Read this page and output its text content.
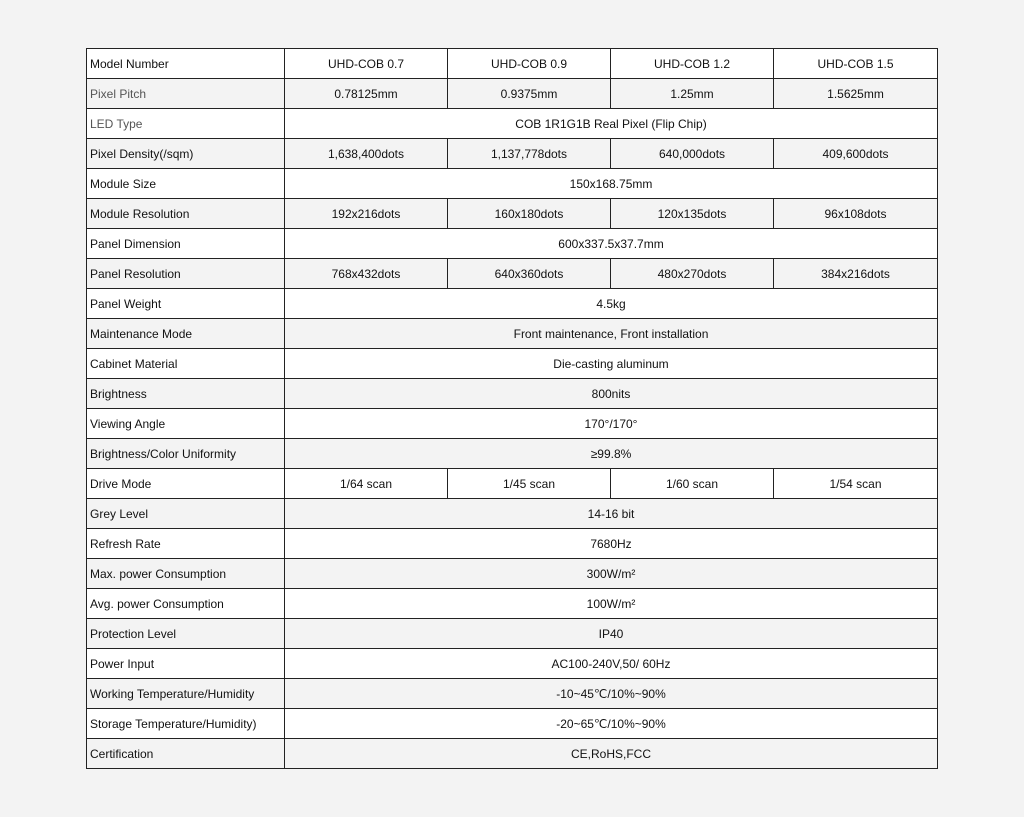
Model Number	UHD-COB 0.7	UHD-COB 0.9	UHD-COB 1.2	UHD-COB 1.5
Pixel Pitch	0.78125mm	0.9375mm	1.25mm	1.5625mm
LED Type	COB 1R1G1B Real Pixel (Flip Chip)			
Pixel Density(/sqm)	1,638,400dots	1,137,778dots	640,000dots	409,600dots
Module Size	150x168.75mm			
Module Resolution	192x216dots	160x180dots	120x135dots	96x108dots
Panel Dimension	600x337.5x37.7mm			
Panel Resolution	768x432dots	640x360dots	480x270dots	384x216dots
Panel Weight	4.5kg			
Maintenance Mode	Front maintenance, Front installation			
Cabinet Material	Die-casting aluminum			
Brightness	800nits			
Viewing Angle	170°/170°			
Brightness/Color Uniformity	≥99.8%			
Drive Mode	1/64 scan	1/45 scan	1/60 scan	1/54 scan
Grey Level	14-16 bit			
Refresh Rate	7680Hz			
Max. power Consumption	300W/m²			
Avg. power Consumption	100W/m²			
Protection Level	IP40			
Power Input	AC100-240V,50/ 60Hz			
Working Temperature/Humidity	-10~45℃/10%~90%			
Storage Temperature/Humidity)	-20~65℃/10%~90%			
Certification	CE,RoHS,FCC			
